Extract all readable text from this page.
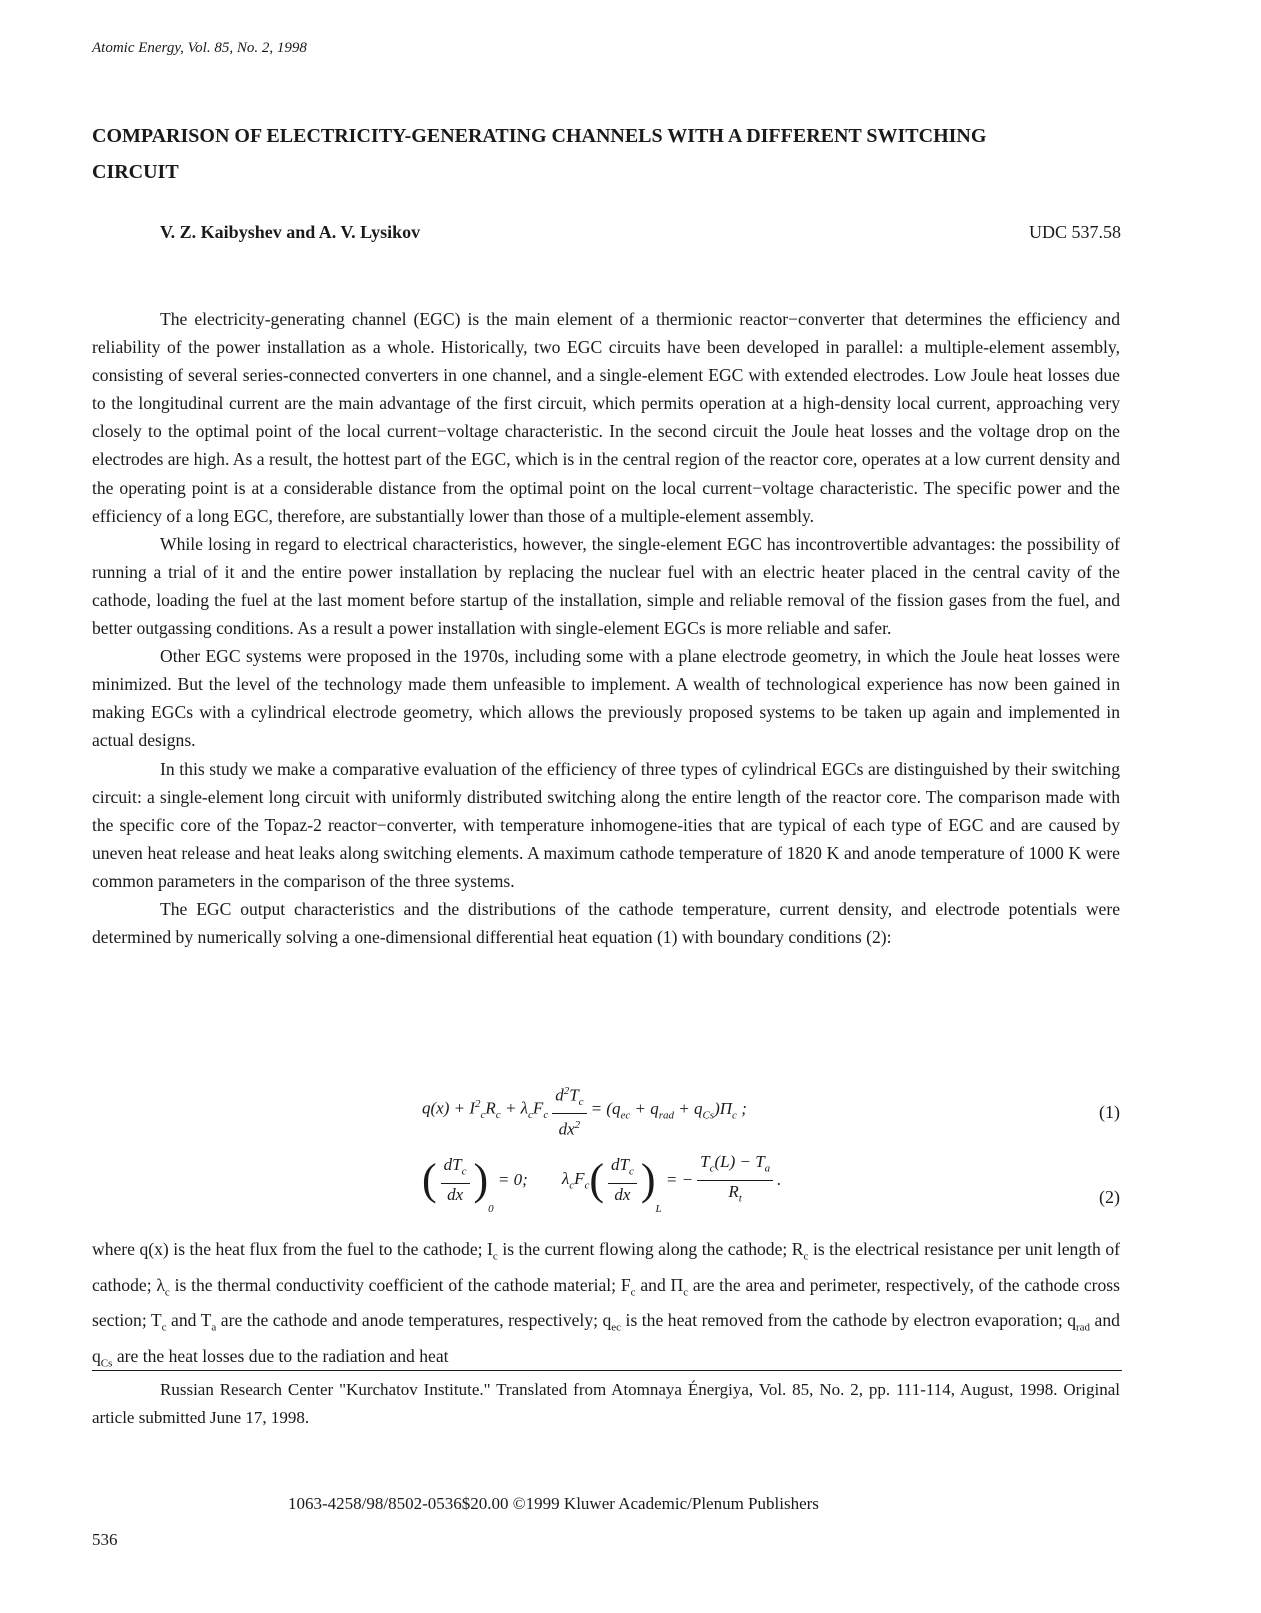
Atomic Energy, Vol. 85, No. 2, 1998
COMPARISON OF ELECTRICITY-GENERATING CHANNELS WITH A DIFFERENT SWITCHING CIRCUIT
V. Z. Kaibyshev and A. V. Lysikov	UDC 537.58

The electricity-generating channel (EGC) is the main element of a thermionic reactor−converter that determines the efficiency and reliability of the power installation as a whole. Historically, two EGC circuits have been developed in parallel: a multiple-element assembly, consisting of several series-connected converters in one channel, and a single-element EGC with extended electrodes. Low Joule heat losses due to the longitudinal current are the main advantage of the first circuit, which permits operation at a high-density local current, approaching very closely to the optimal point of the local current−voltage characteristic. In the second circuit the Joule heat losses and the voltage drop on the electrodes are high. As a result, the hottest part of the EGC, which is in the central region of the reactor core, operates at a low current density and the operating point is at a considerable distance from the optimal point on the local current−voltage characteristic. The specific power and the efficiency of a long EGC, therefore, are substantially lower than those of a multiple-element assembly.

While losing in regard to electrical characteristics, however, the single-element EGC has incontrovertible advantages: the possibility of running a trial of it and the entire power installation by replacing the nuclear fuel with an electric heater placed in the central cavity of the cathode, loading the fuel at the last moment before startup of the installation, simple and reliable removal of the fission gases from the fuel, and better outgassing conditions. As a result a power installation with single-element EGCs is more reliable and safer.

Other EGC systems were proposed in the 1970s, including some with a plane electrode geometry, in which the Joule heat losses were minimized. But the level of the technology made them unfeasible to implement. A wealth of technological experience has now been gained in making EGCs with a cylindrical electrode geometry, which allows the previously proposed systems to be taken up again and implemented in actual designs.

In this study we make a comparative evaluation of the efficiency of three types of cylindrical EGCs are distinguished by their switching circuit: a single-element long circuit with uniformly distributed switching along the entire length of the reactor core. The comparison made with the specific core of the Topaz-2 reactor−converter, with temperature inhomogene-ities that are typical of each type of EGC and are caused by uneven heat release and heat leaks along switching elements. A maximum cathode temperature of 1820 K and anode temperature of 1000 K were common parameters in the comparison of the three systems.

The EGC output characteristics and the distributions of the cathode temperature, current density, and electrode potentials were determined by numerically solving a one-dimensional differential heat equation (1) with boundary conditions (2):

$q(x) + I^2_cR_c + \lambda_cF_c \frac{d^2T_c}{dx^2} = (q_{ec} + q_{rad} + q_{Cs})\Pi_c$ ;	(1)
( $\frac{dT_c}{dx}$ )
0
= 0; $\lambda_cF_c$ ( $\frac{dT_c}{dx}$ )
L
= − $\frac{T_c(L) - T_a}{R_t}$ .
(2)

where q(x) is the heat flux from the fuel to the cathode; $I_c$ is the current flowing along the cathode; $R_c$ is the electrical resistance per unit length of cathode; $\lambda_c$ is the thermal conductivity coefficient of the cathode material; $F_c$ and $\Pi_c$ are the area and perimeter, respectively, of the cathode cross section; $T_c$ and $T_a$ are the cathode and anode temperatures, respectively; $q_{ec}$ is the heat removed from the cathode by electron evaporation; $q_{rad}$ and $q_{Cs}$ are the heat losses due to the radiation and heat

Russian Research Center "Kurchatov Institute." Translated from Atomnaya Énergiya, Vol. 85, No. 2, pp. 111-114, August, 1998. Original article submitted June 17, 1998.

1063-4258/98/8502-0536$20.00 ©1999 Kluwer Academic/Plenum Publishers
536
